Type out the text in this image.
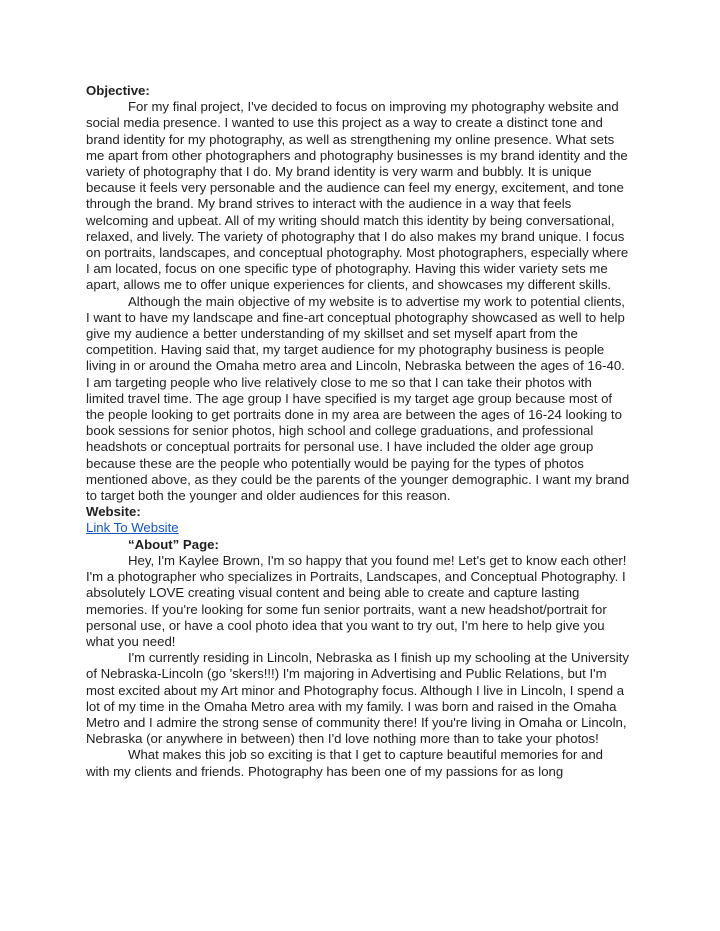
Objective:

For my final project, I've decided to focus on improving my photography website and social media presence. I wanted to use this project as a way to create a distinct tone and brand identity for my photography, as well as strengthening my online presence. What sets me apart from other photographers and photography businesses is my brand identity and the variety of photography that I do. My brand identity is very warm and bubbly. It is unique because it feels very personable and the audience can feel my energy, excitement, and tone through the brand. My brand strives to interact with the audience in a way that feels welcoming and upbeat. All of my writing should match this identity by being conversational, relaxed, and lively. The variety of photography that I do also makes my brand unique. I focus on portraits, landscapes, and conceptual photography. Most photographers, especially where I am located, focus on one specific type of photography. Having this wider variety sets me apart, allows me to offer unique experiences for clients, and showcases my different skills.

Although the main objective of my website is to advertise my work to potential clients, I want to have my landscape and fine-art conceptual photography showcased as well to help give my audience a better understanding of my skillset and set myself apart from the competition. Having said that, my target audience for my photography business is people living in or around the Omaha metro area and Lincoln, Nebraska between the ages of 16-40. I am targeting people who live relatively close to me so that I can take their photos with limited travel time. The age group I have specified is my target age group because most of the people looking to get portraits done in my area are between the ages of 16-24 looking to book sessions for senior photos, high school and college graduations, and professional headshots or conceptual portraits for personal use. I have included the older age group because these are the people who potentially would be paying for the types of photos mentioned above, as they could be the parents of the younger demographic. I want my brand to target both the younger and older audiences for this reason.

Website:

Link To Website

“About” Page:

Hey, I'm Kaylee Brown, I'm so happy that you found me! Let's get to know each other! I'm a photographer who specializes in Portraits, Landscapes, and Conceptual Photography. I absolutely LOVE creating visual content and being able to create and capture lasting memories. If you're looking for some fun senior portraits, want a new headshot/portrait for personal use, or have a cool photo idea that you want to try out, I'm here to help give you what you need!

I'm currently residing in Lincoln, Nebraska as I finish up my schooling at the University of Nebraska-Lincoln (go 'skers!!!) I'm majoring in Advertising and Public Relations, but I'm most excited about my Art minor and Photography focus. Although I live in Lincoln, I spend a lot of my time in the Omaha Metro area with my family. I was born and raised in the Omaha Metro and I admire the strong sense of community there! If you're living in Omaha or Lincoln, Nebraska (or anywhere in between) then I'd love nothing more than to take your photos!

What makes this job so exciting is that I get to capture beautiful memories for and with my clients and friends. Photography has been one of my passions for as long
